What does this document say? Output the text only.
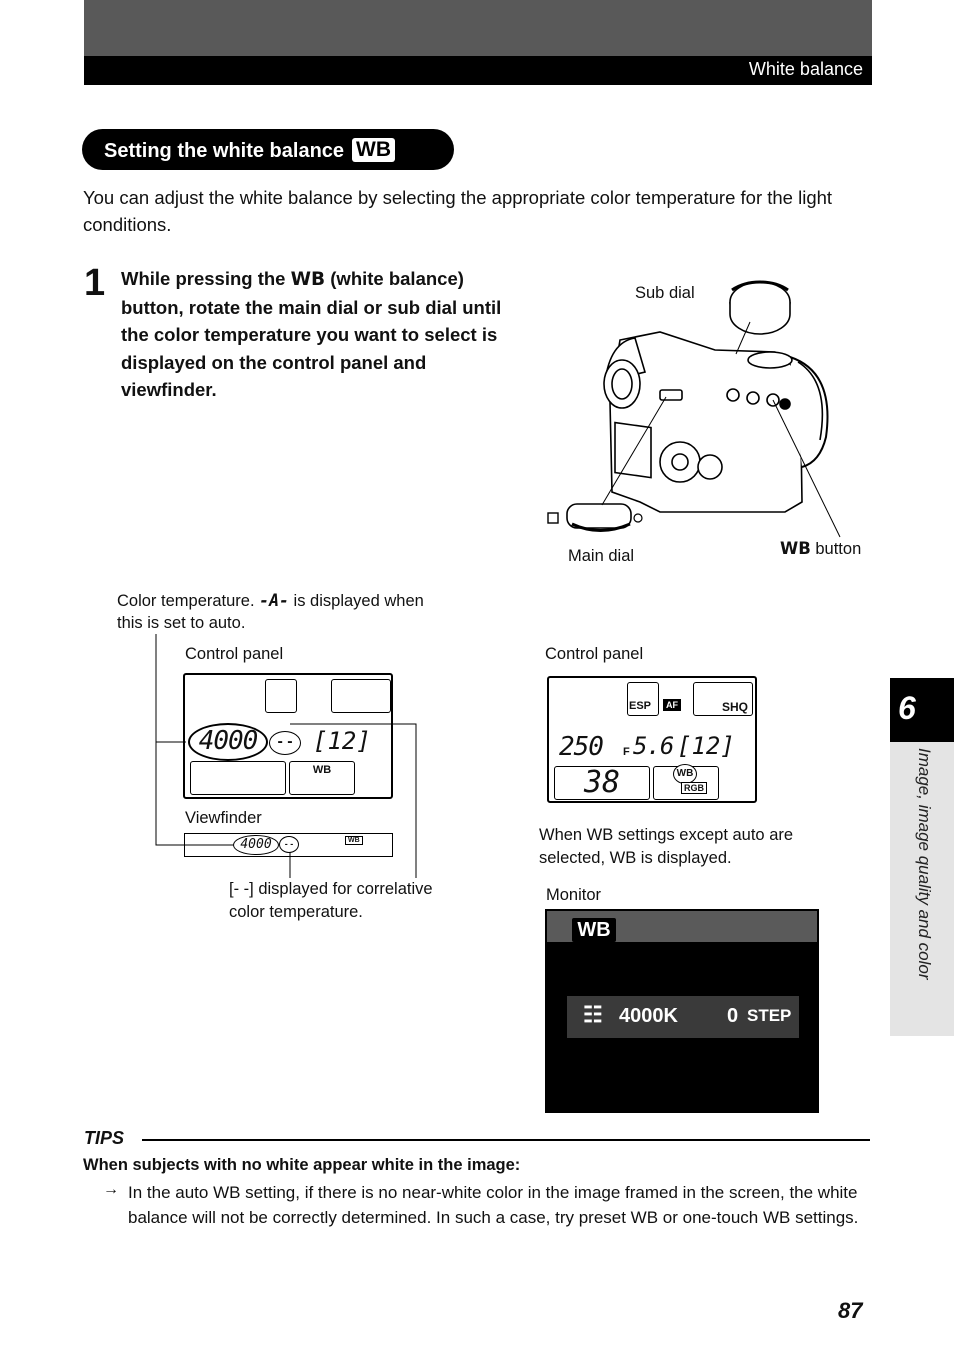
White balance
Setting the white balance WB
You can adjust the white balance by selecting the appropriate color temperature for the light conditions.
1 While pressing the WB (white balance) button, rotate the main dial or sub dial until the color temperature you want to select is displayed on the control panel and viewfinder.
Sub dial
Main dial	WB button
Color temperature. -A- is displayed when
this is set to auto.
Control panel
4000	- - [12]
WB
Viewfinder
4000	- -	WB
[- -] displayed for correlative
color temperature.
Control panel
ESP	AF	SHQ
250 F 5.6 [12]
38	WB
RGB
When WB settings except auto are
selected, WB is displayed.
Monitor
WB
☷ 4000K 0 STEP
6
Image, image quality and color
TIPS
When subjects with no white appear white in the image:
→ In the auto WB setting, if there is no near-white color in the image framed in the screen, the white balance will not be correctly determined. In such a case, try preset WB or one-touch WB settings.
87
